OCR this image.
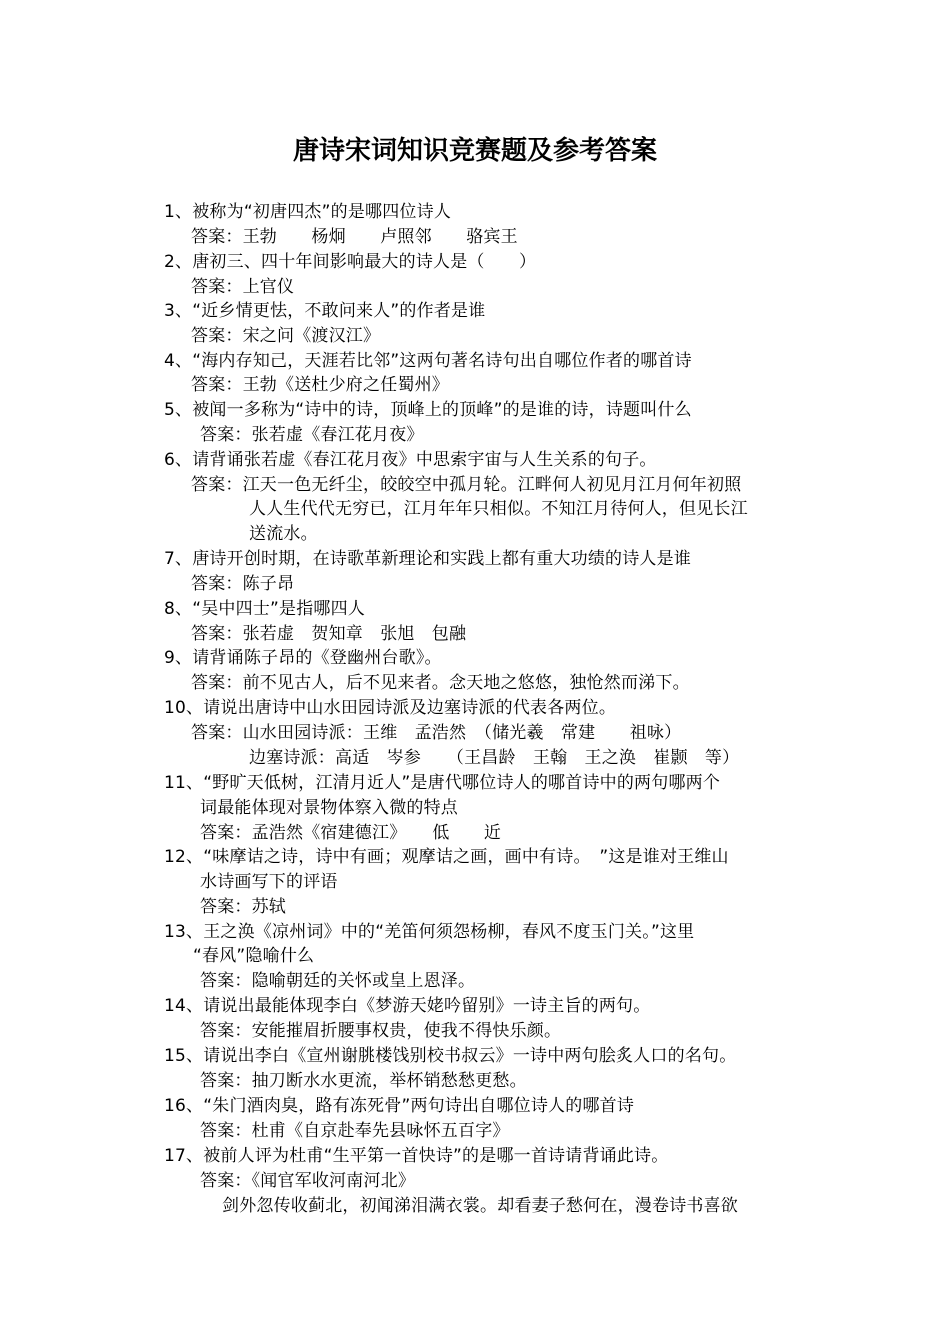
唐诗宋词知识竞赛题及参考答案
1、被称为“初唐四杰”的是哪四位诗人
答案：王勃　　杨炯　　卢照邻　　骆宾王
2、唐初三、四十年间影响最大的诗人是（　　）
答案：上官仪
3、“近乡情更怯，不敢问来人”的作者是谁
答案：宋之问《渡汉江》
4、“海内存知己，天涯若比邻”这两句著名诗句出自哪位作者的哪首诗
答案：王勃《送杜少府之任蜀州》
5、被闻一多称为“诗中的诗，顶峰上的顶峰”的是谁的诗，诗题叫什么
答案：张若虚《春江花月夜》
6、请背诵张若虚《春江花月夜》中思索宇宙与人生关系的句子。
答案：江天一色无纤尘，皎皎空中孤月轮。江畔何人初见月江月何年初照
人人生代代无穷已，江月年年只相似。不知江月待何人，但见长江
送流水。
7、唐诗开创时期，在诗歌革新理论和实践上都有重大功绩的诗人是谁
答案：陈子昂
8、“吴中四士”是指哪四人
答案：张若虚　贺知章　张旭　包融
9、请背诵陈子昂的《登幽州台歌》。
答案：前不见古人，后不见来者。念天地之悠悠，独怆然而涕下。
10、请说出唐诗中山水田园诗派及边塞诗派的代表各两位。
答案：山水田园诗派：王维　孟浩然　（储光羲　常建　　祖咏）
边塞诗派：高适　岑参　　（王昌龄　王翰　王之涣　崔颢　等）
11、“野旷天低树，江清月近人”是唐代哪位诗人的哪首诗中的两句哪两个
词最能体现对景物体察入微的特点
答案：孟浩然《宿建德江》　　低　　近
12、“味摩诘之诗，诗中有画；观摩诘之画，画中有诗。　”这是谁对王维山
水诗画写下的评语
答案：苏轼
13、王之涣《凉州词》中的“羌笛何须怨杨柳，春风不度玉门关。”这里
“春风”隐喻什么
答案：隐喻朝廷的关怀或皇上恩泽。
14、请说出最能体现李白《梦游天姥吟留别》一诗主旨的两句。
答案：安能摧眉折腰事权贵，使我不得快乐颜。
15、请说出李白《宣州谢朓楼饯别校书叔云》一诗中两句脍炙人口的名句。
答案：抽刀断水水更流，举杯销愁愁更愁。
16、“朱门酒肉臭，路有冻死骨”两句诗出自哪位诗人的哪首诗
答案：杜甫《自京赴奉先县咏怀五百字》
17、被前人评为杜甫“生平第一首快诗”的是哪一首诗请背诵此诗。
答案：《闻官军收河南河北》
剑外忽传收蓟北，初闻涕泪满衣裳。却看妻子愁何在，漫卷诗书喜欲
